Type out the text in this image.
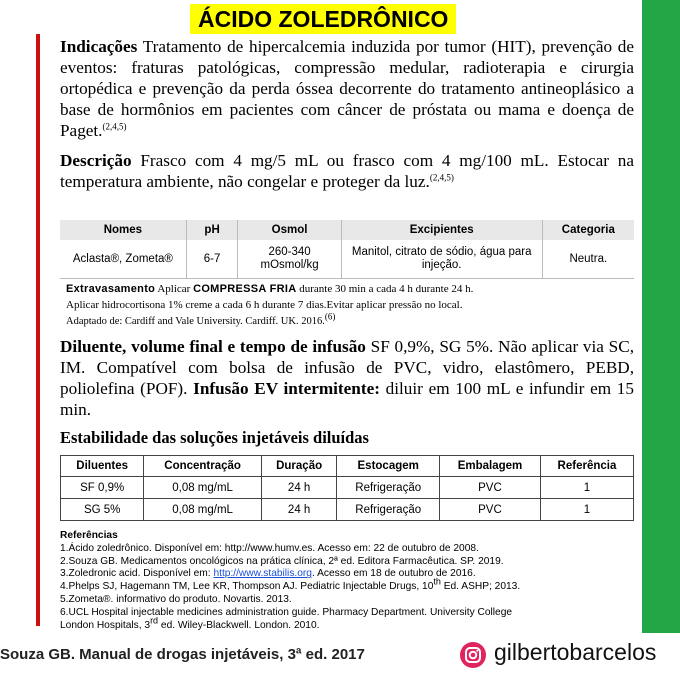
ÁCIDO ZOLEDRÔNICO
Indicações Tratamento de hipercalcemia induzida por tumor (HIT), prevenção de eventos: fraturas patológicas, compressão medular, radioterapia e cirurgia ortopédica e prevenção da perda óssea decorrente do tratamento antineoplásico a base de hormônios em pacientes com câncer de próstata ou mama e doença de Paget.$^{(2,4,5)}$
Descrição Frasco com 4 mg/5 mL ou frasco com 4 mg/100 mL. Estocar na temperatura ambiente, não congelar e proteger da luz.$^{(2,4,5)}$
Nomes	pH	Osmol	Excipientes	Categoria
Aclasta®, Zometa®	6-7	260-340 mOsmol/kg	Manitol, citrato de sódio, água para injeção.	Neutra.
Extravasamento Aplicar COMPRESSA FRIA durante 30 min a cada 4 h durante 24 h.
Aplicar hidrocortisona 1% creme a cada 6 h durante 7 dias.Evitar aplicar pressão no local.
Adaptado de: Cardiff and Vale University. Cardiff. UK. 2016.$^{(6)}$
Diluente, volume final e tempo de infusão SF 0,9%, SG 5%. Não aplicar via SC, IM. Compatível com bolsa de infusão de PVC, vidro, elastômero, PEBD, poliolefina (POF). Infusão EV intermitente: diluir em 100 mL e infundir em 15 min.
Estabilidade das soluções injetáveis diluídas
Diluentes	Concentração	Duração	Estocagem	Embalagem	Referência
SF 0,9%	0,08 mg/mL	24 h	Refrigeração	PVC	1
SG 5%	0,08 mg/mL	24 h	Refrigeração	PVC	1
Referências
1.Ácido zoledrônico. Disponível em: http://www.humv.es. Acesso em: 22 de outubro de 2008.
2.Souza GB. Medicamentos oncológicos na prática clínica, 2ª ed. Editora Farmacêutica. SP. 2019.
3.Zoledronic acid. Disponível em: http://www.stabilis.org. Acesso em 18 de outubro de 2016.
4.Phelps SJ, Hagemann TM, Lee KR, Thompson AJ. Pediatric Injectable Drugs, 10th Ed. ASHP; 2013.
5.Zometa®. informativo do produto. Novartis. 2013.
6.UCL Hospital injectable medicines administration guide. Pharmacy Department. University College
London Hospitals, 3rd ed. Wiley-Blackwell. London. 2010.
Souza GB. Manual de drogas injetáveis, 3ª ed. 2017	gilbertobarcelos
